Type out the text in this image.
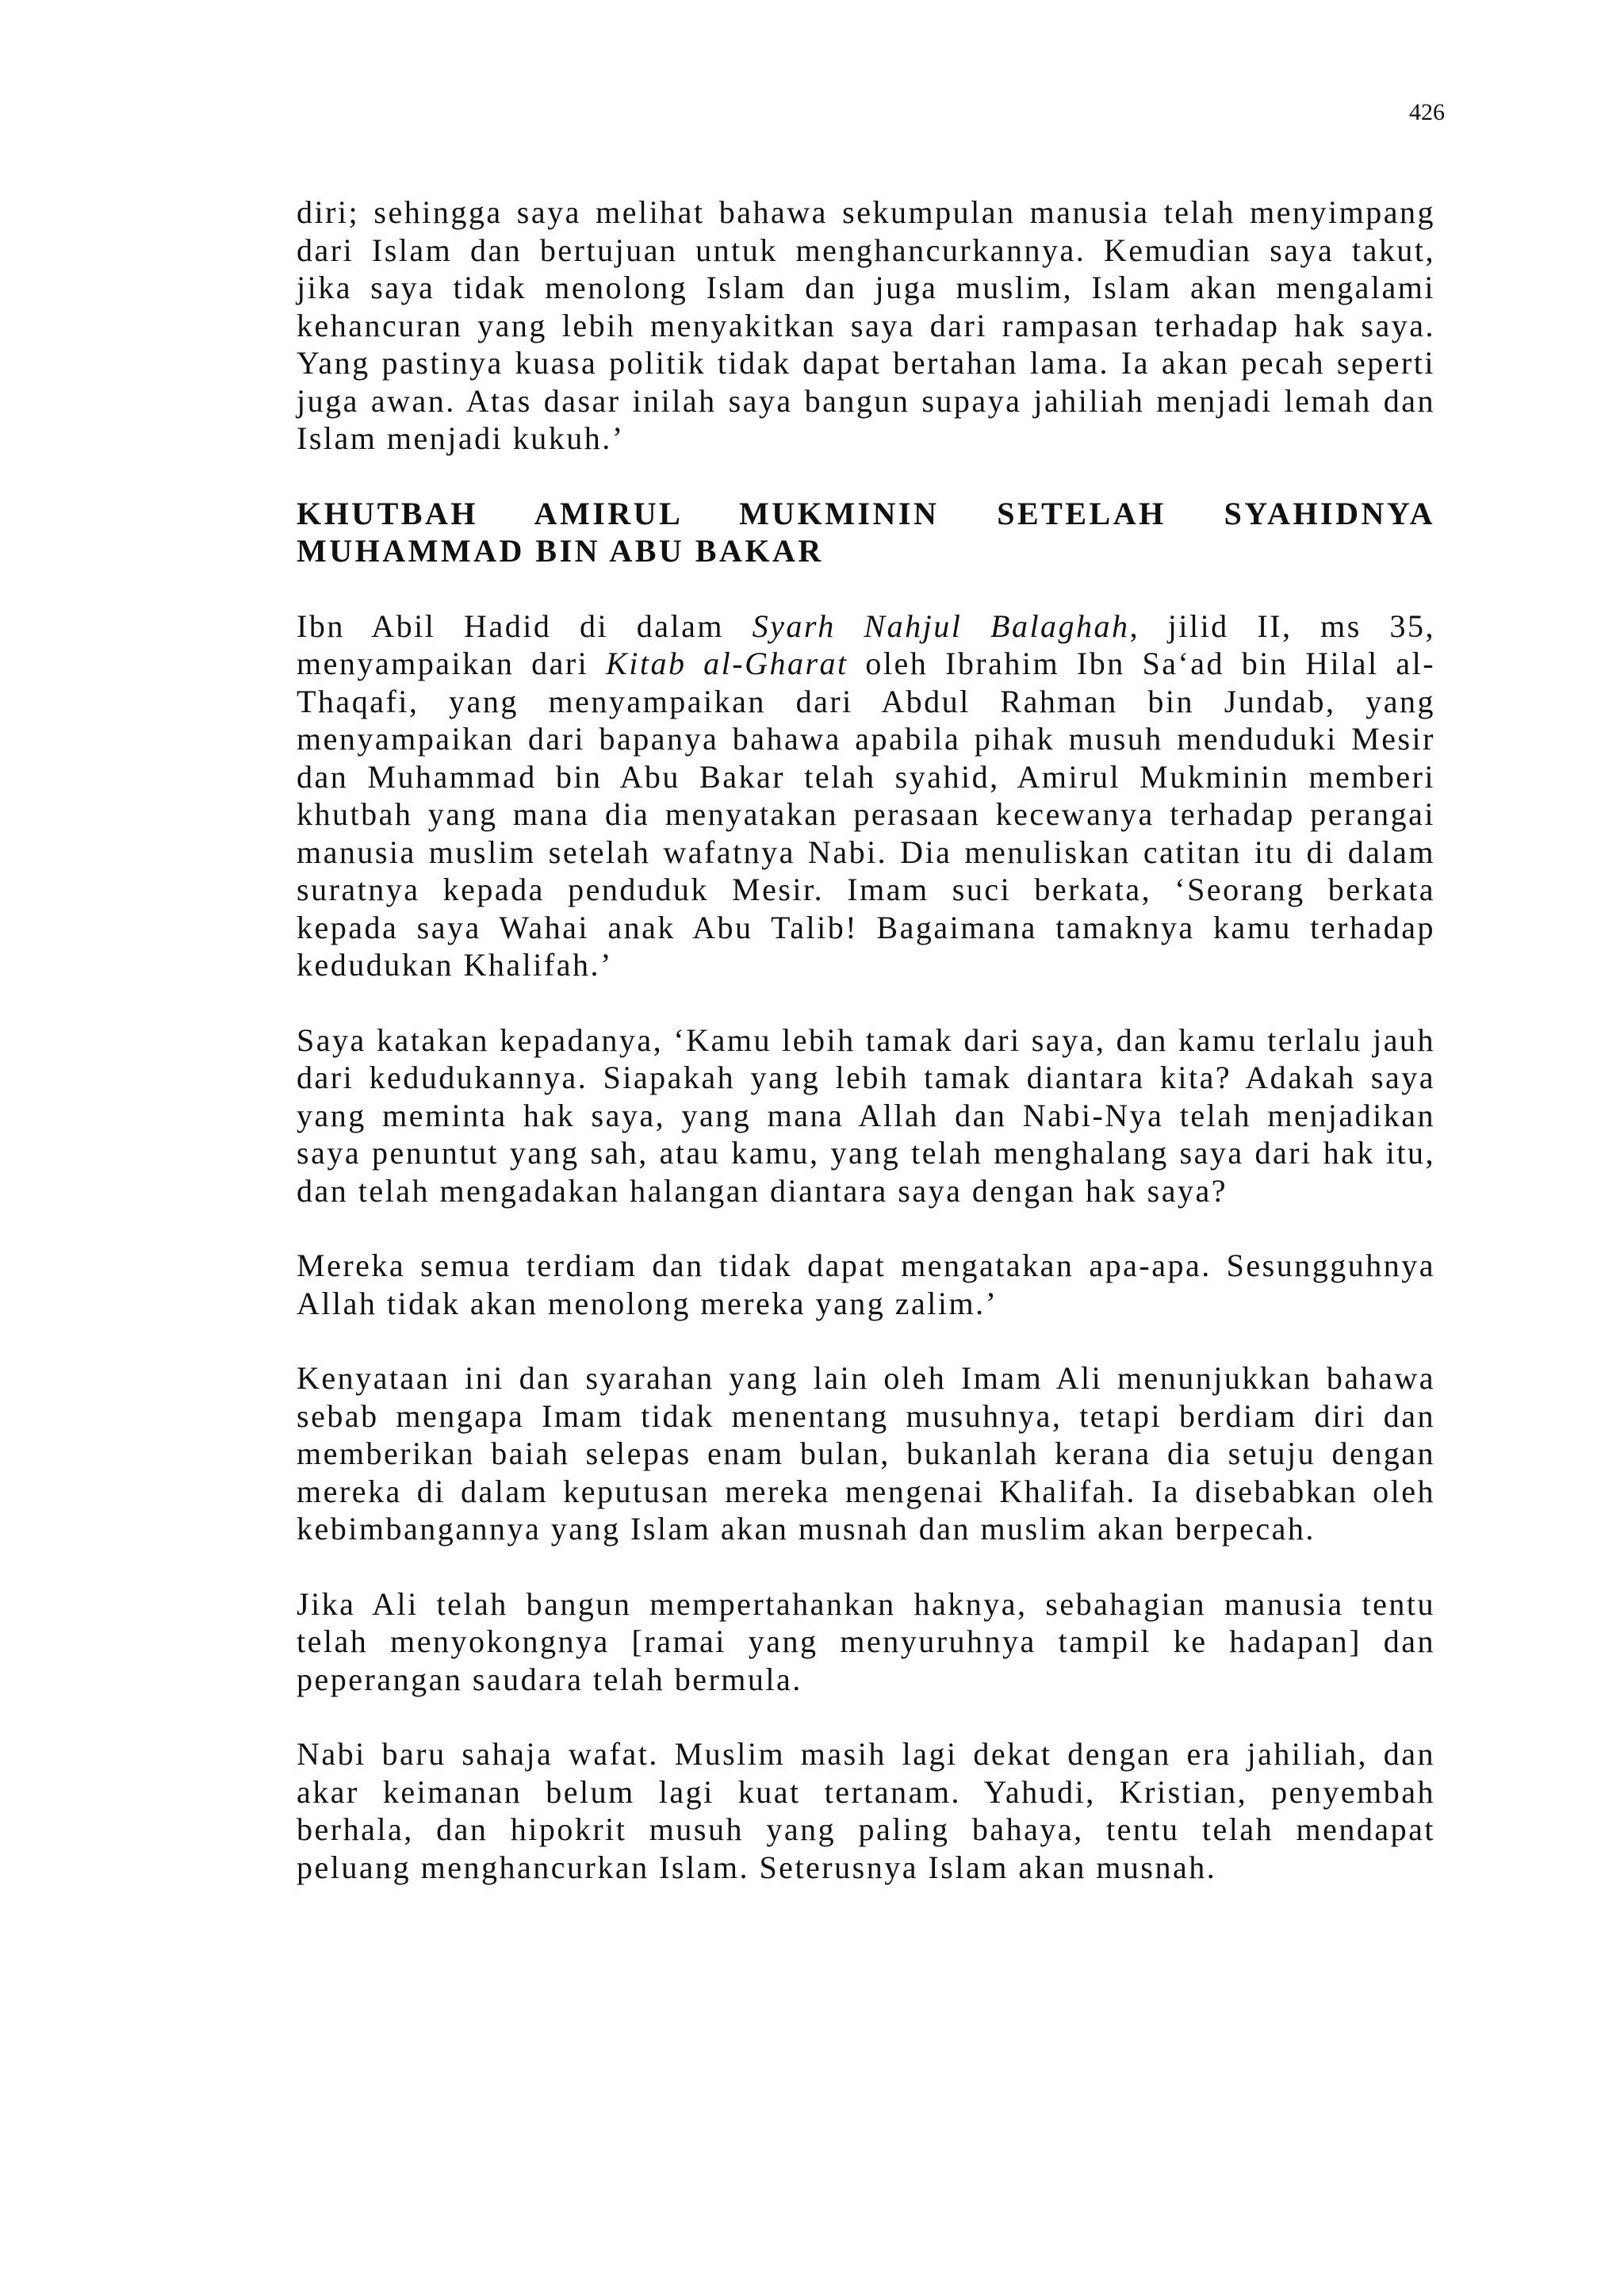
426

diri; sehingga saya melihat bahawa sekumpulan manusia telah menyimpang dari Islam dan bertujuan untuk menghancurkannya. Kemudian saya takut, jika saya tidak menolong Islam dan juga muslim, Islam akan mengalami kehancuran yang lebih menyakitkan saya dari rampasan terhadap hak saya. Yang pastinya kuasa politik tidak dapat bertahan lama. Ia akan pecah seperti juga awan. Atas dasar inilah saya bangun supaya jahiliah menjadi lemah dan Islam menjadi kukuh.’

KHUTBAH AMIRUL MUKMININ SETELAH SYAHIDNYA
MUHAMMAD BIN ABU BAKAR

Ibn Abil Hadid di dalam Syarh Nahjul Balaghah, jilid II, ms 35, menyampaikan dari Kitab al-Gharat oleh Ibrahim Ibn Sa‘ad bin Hilal al-Thaqafi, yang menyampaikan dari Abdul Rahman bin Jundab, yang menyampaikan dari bapanya bahawa apabila pihak musuh menduduki Mesir dan Muhammad bin Abu Bakar telah syahid, Amirul Mukminin memberi khutbah yang mana dia menyatakan perasaan kecewanya terhadap perangai manusia muslim setelah wafatnya Nabi. Dia menuliskan catitan itu di dalam suratnya kepada penduduk Mesir. Imam suci berkata, ‘Seorang berkata kepada saya Wahai anak Abu Talib! Bagaimana tamaknya kamu terhadap kedudukan Khalifah.’

Saya katakan kepadanya, ‘Kamu lebih tamak dari saya, dan kamu terlalu jauh dari kedudukannya. Siapakah yang lebih tamak diantara kita? Adakah saya yang meminta hak saya, yang mana Allah dan Nabi-Nya telah menjadikan saya penuntut yang sah, atau kamu, yang telah menghalang saya dari hak itu, dan telah mengadakan halangan diantara saya dengan hak saya?

Mereka semua terdiam dan tidak dapat mengatakan apa-apa. Sesungguhnya Allah tidak akan menolong mereka yang zalim.’

Kenyataan ini dan syarahan yang lain oleh Imam Ali menunjukkan bahawa sebab mengapa Imam tidak menentang musuhnya, tetapi berdiam diri dan memberikan baiah selepas enam bulan, bukanlah kerana dia setuju dengan mereka di dalam keputusan mereka mengenai Khalifah. Ia disebabkan oleh kebimbangannya yang Islam akan musnah dan muslim akan berpecah.

Jika Ali telah bangun mempertahankan haknya, sebahagian manusia tentu telah menyokongnya [ramai yang menyuruhnya tampil ke hadapan] dan peperangan saudara telah bermula.

Nabi baru sahaja wafat. Muslim masih lagi dekat dengan era jahiliah, dan akar keimanan belum lagi kuat tertanam. Yahudi, Kristian, penyembah berhala, dan hipokrit musuh yang paling bahaya, tentu telah mendapat peluang menghancurkan Islam. Seterusnya Islam akan musnah.
